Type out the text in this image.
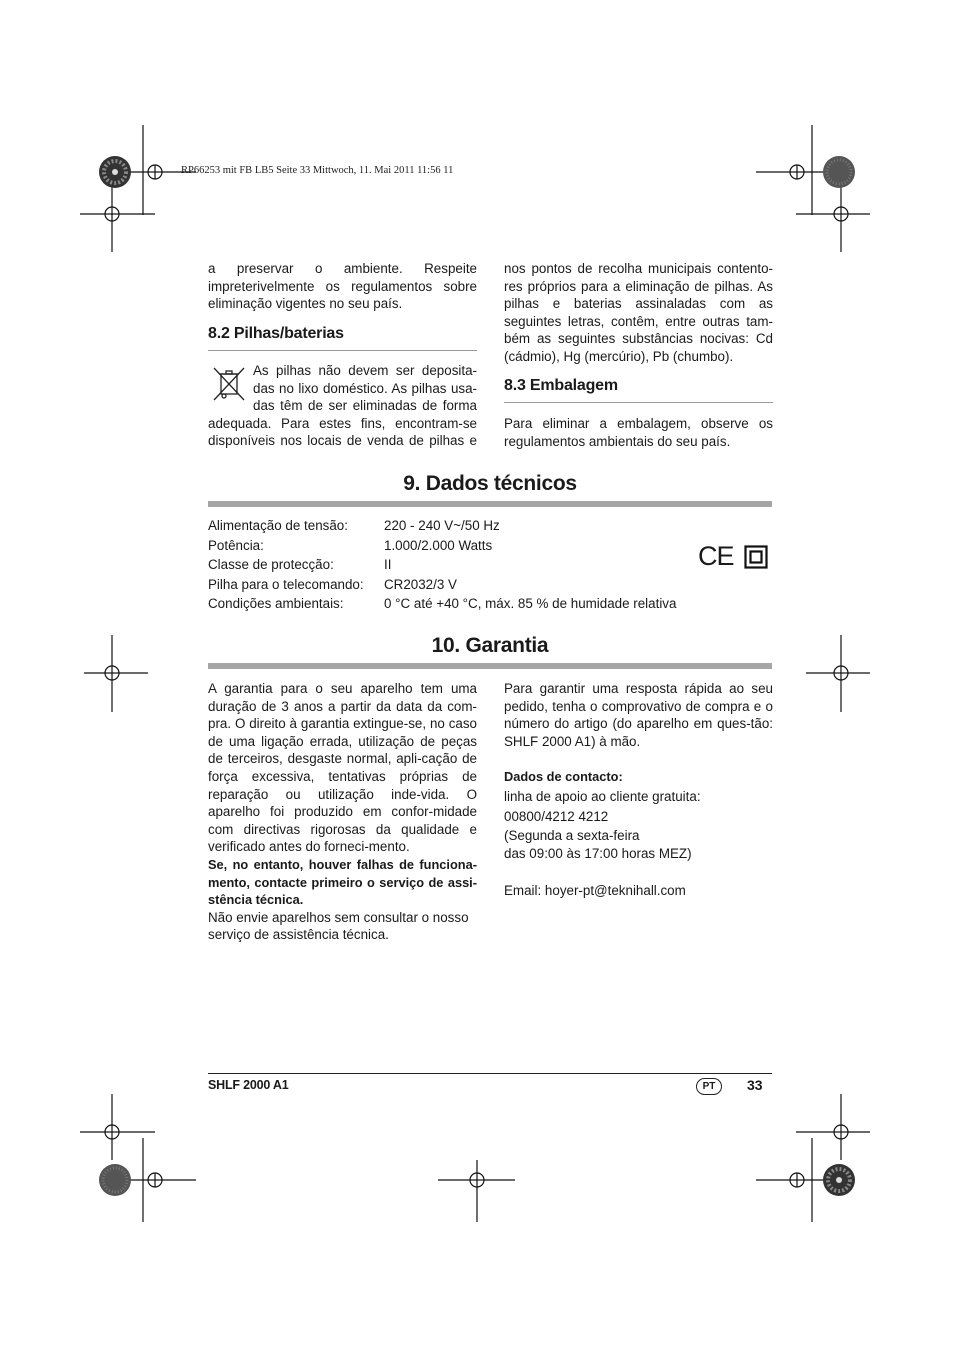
RP66253 mit FB LB5 Seite 33 Mittwoch, 11. Mai 2011 11:56 11

a preservar o ambiente. Respeite impreterivelmente os regulamentos sobre eliminação vigentes no seu país.

8.2 Pilhas/baterias
As pilhas não devem ser deposita-
das no lixo doméstico. As pilhas usa-
das têm de ser eliminadas de forma
adequada. Para estes fins, encontram-se
disponíveis nos locais de venda de pilhas e

nos pontos de recolha municipais contento-res próprios para a eliminação de pilhas. As pilhas e baterias assinaladas com as seguintes letras, contêm, entre outras tam-bém as seguintes substâncias nocivas: Cd (cádmio), Hg (mercúrio), Pb (chumbo).

8.3 Embalagem

Para eliminar a embalagem, observe os regulamentos ambientais do seu país.

9. Dados técnicos
Alimentação de tensão:	220 - 240 V~/50 Hz
Potência:	1.000/2.000 Watts
Classe de protecção:	II
Pilha para o telecomando: CR2032/3 V
Condições ambientais:	0 °C até +40 °C, máx. 85 % de humidade relativa
CE
10. Garantia

A garantia para o seu aparelho tem uma duração de 3 anos a partir da data da com-pra. O direito à garantia extingue-se, no caso de uma ligação errada, utilização de peças de terceiros, desgaste normal, apli-cação de força excessiva, tentativas próprias de reparação ou utilização inde-vida. O aparelho foi produzido em confor-midade com directivas rigorosas da qualidade e verificado antes do forneci-mento.

Se, no entanto, houver falhas de funciona-mento, contacte primeiro o serviço de assi-stência técnica.

Não envie aparelhos sem consultar o nosso serviço de assistência técnica.

Para garantir uma resposta rápida ao seu pedido, tenha o comprovativo de compra e o número do artigo (do aparelho em ques-tão: SHLF 2000 A1) à mão.

Dados de contacto:
linha de apoio ao cliente gratuita:
00800/4212 4212
(Segunda a sexta-feira
das 09:00 às 17:00 horas MEZ)
Email: hoyer-pt@teknihall.com
SHLF 2000 A1	PT	33
